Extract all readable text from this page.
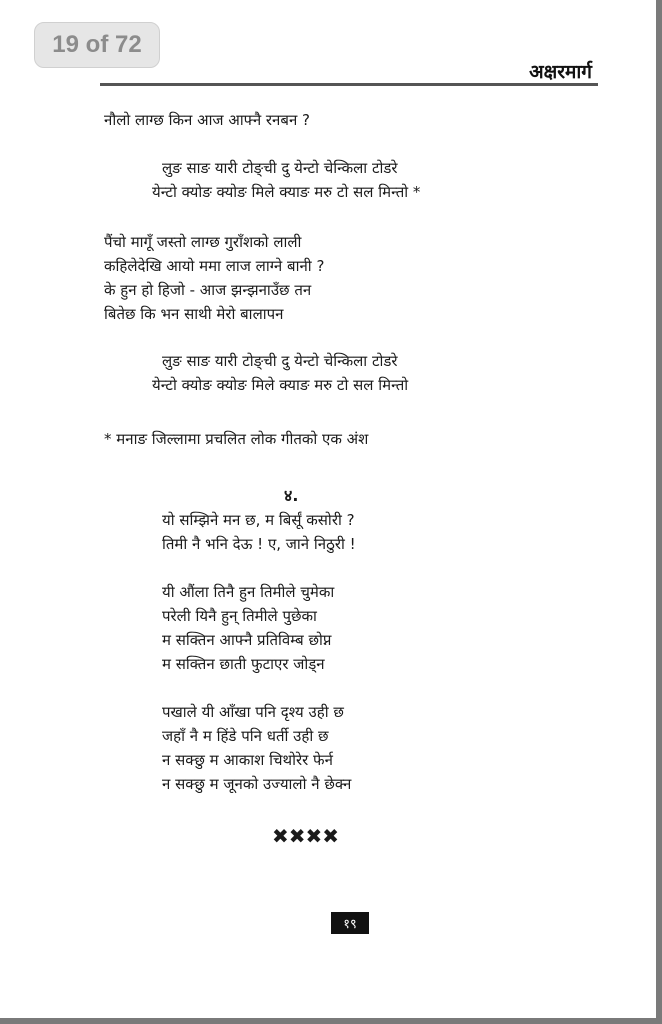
19 of 72
अक्षरमार्ग
नौलो लाग्छ किन आज आफ्नै रनबन ?
लुङ साङ यारी टोङ्ची दु येन्टो चेन्किला टोडरे
येन्टो क्योङ क्योङ मिले क्याङ मरु टो सल मिन्तो *
पैंचो मागूँ जस्तो लाग्छ गुराँशको लाली
कहिलेदेखि आयो ममा लाज लाग्ने बानी ?
के हुन हो हिजो - आज झन्झनाउँछ तन
बितेछ कि भन साथी मेरो बालापन
लुङ साङ यारी टोङ्ची दु येन्टो चेन्किला टोडरे
येन्टो क्योङ क्योङ मिले क्याङ मरु टो सल मिन्तो
* मनाङ जिल्लामा प्रचलित लोक गीतको एक अंश
४.
यो सम्झिने मन छ, म बिर्सूं कसोरी ?
तिमी नै भनि देऊ ! ए, जाने निठुरी !
यी औंला तिनै हुन तिमीले चुमेका
परेली यिनै हुन् तिमीले पुछेका
म सक्तिन आफ्नै प्रतिविम्ब छोप्न
म सक्तिन छाती फुटाएर जोड्न
पखाले यी आँखा पनि दृश्य उही छ
जहाँ नै म हिंडे पनि धर्ती उही छ
न सक्छु म आकाश चिथोरेर फेर्न
न सक्छु म जूनको उज्यालो नै छेक्न
✖✖✖✖
१९
